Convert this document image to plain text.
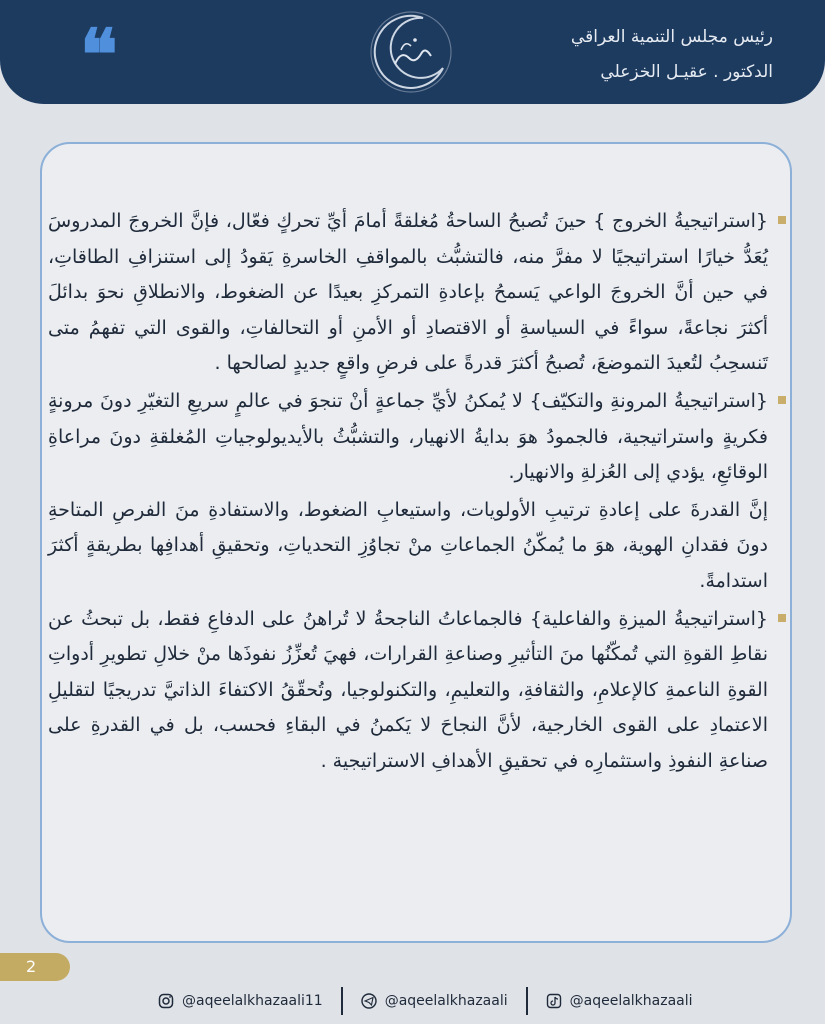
❝	رئيس مجلس التنمية العراقي
الدكتور . عقيـل الخزعلي

{استراتيجيةُ الخروج } حينَ تُصبحُ الساحةُ مُغلقةً أمامَ أيِّ تحركٍ فعّال، فإنَّ الخروجَ المدروسَ يُعَدُّ خيارًا استراتيجيًا لا مفرَّ منه، فالتشبُّث بالمواقفِ الخاسرةِ يَقودُ إلى استنزافِ الطاقاتِ، في حين أنَّ الخروجَ الواعي يَسمحُ بإعادةِ التمركزِ بعيدًا عن الضغوط، والانطلاقِ نحوَ بدائلَ أكثرَ نجاعةً، سواءً في السياسةِ أو الاقتصادِ أو الأمنِ أو التحالفاتِ، والقوى التي تفهمُ متى تَنسحِبُ لتُعيدَ التموضعَ، تُصبحُ أكثرَ قدرةً على فرضِ واقعٍ جديدٍ لصالحها .

{استراتيجيةُ المرونةِ والتكيّف} لا يُمكنُ لأيِّ جماعةٍ أنْ تنجوَ في عالمٍ سريعِ التغيّرِ دونَ مرونةٍ فكريةٍ واستراتيجية، فالجمودُ هوَ بدايةُ الانهيار، والتشبُّثُ بالأيديولوجياتِ المُغلقةِ دونَ مراعاةِ الوقائعِ، يؤدي إلى العُزلةِ والانهيار.

إنَّ القدرةَ على إعادةِ ترتيبِ الأولويات، واستيعابِ الضغوط، والاستفادةِ منَ الفرصِ المتاحةِ دونَ فقدانِ الهوية، هوَ ما يُمكّنُ الجماعاتِ منْ تجاوُزِ التحدياتِ، وتحقيقِ أهدافِها بطريقةٍ أكثرَ استدامةً.

{استراتيجيةُ الميزةِ والفاعلية} فالجماعاتُ الناجحةُ لا تُراهنُ على الدفاعِ فقط، بل تبحثُ عن نقاطِ القوةِ التي تُمكّنُها منَ التأثيرِ وصناعةِ القرارات، فهيَ تُعزِّزُ نفوذَها منْ خلالِ تطويرِ أدواتِ القوةِ الناعمةِ كالإعلامِ، والثقافةِ، والتعليمِ، والتكنولوجيا، وتُحقّقُ الاكتفاءَ الذاتيَّ تدريجيًا لتقليلِ الاعتمادِ على القوى الخارجية، لأنَّ النجاحَ لا يَكمنُ في البقاءِ فحسب، بل في القدرةِ على صناعةِ النفوذِ واستثمارِه في تحقيقِ الأهدافِ الاستراتيجية .

2
@aqeelalkhazaali11	@aqeelalkhazaali	@aqeelalkhazaali
